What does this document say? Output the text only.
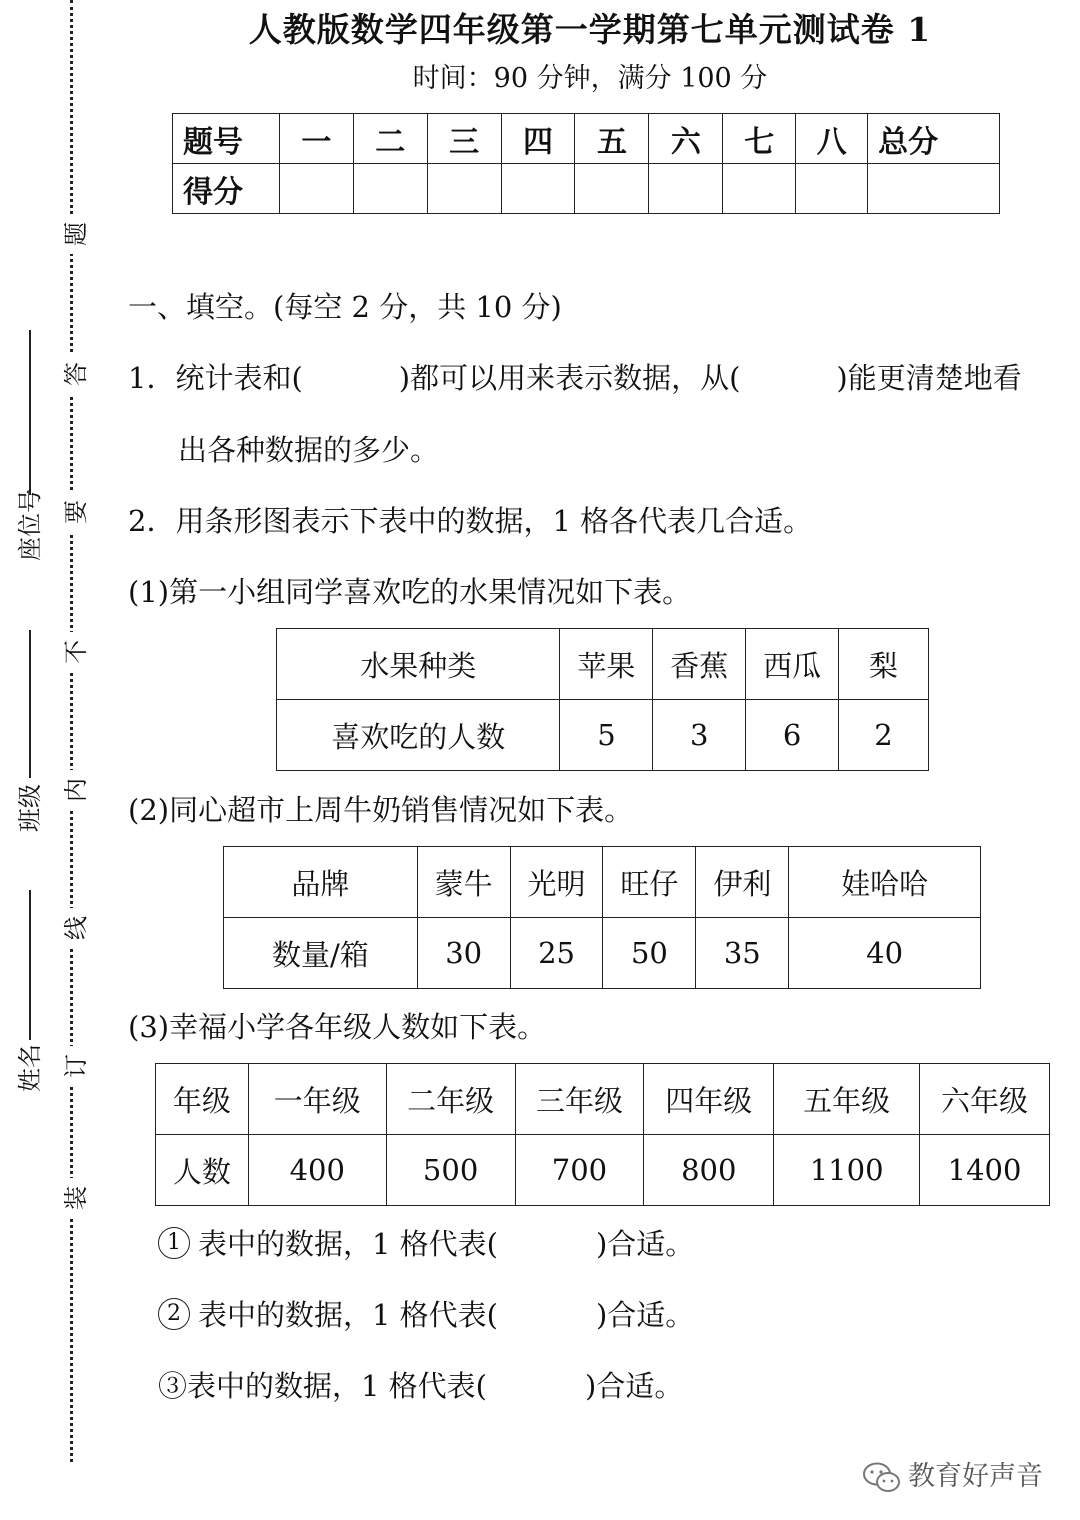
题
答
要
不
内
线
订
装
座位号
班级
姓名
人教版数学四年级第一学期第七单元测试卷 1
时间：90 分钟，满分 100 分
题号	一	二	三	四	五	六	七	八	总分
得分									
一、填空。(每空 2 分，共 10 分)
1．统计表和(	)都可以用来表示数据，从(	)能更清楚地看
出各种数据的多少。
2．用条形图表示下表中的数据，1 格各代表几合适。
(1)第一小组同学喜欢吃的水果情况如下表。
水果种类	苹果	香蕉	西瓜	梨
喜欢吃的人数	5	3	6	2
(2)同心超市上周牛奶销售情况如下表。
品牌	蒙牛	光明	旺仔	伊利	娃哈哈
数量/箱	30	25	50	35	40
(3)幸福小学各年级人数如下表。
年级	一年级	二年级	三年级	四年级	五年级	六年级
人数	400	500	700	800	1100	1400
1 表中的数据，1 格代表(	)合适。
2 表中的数据，1 格代表(	)合适。
③表中的数据，1 格代表(	)合适。
教育好声音
